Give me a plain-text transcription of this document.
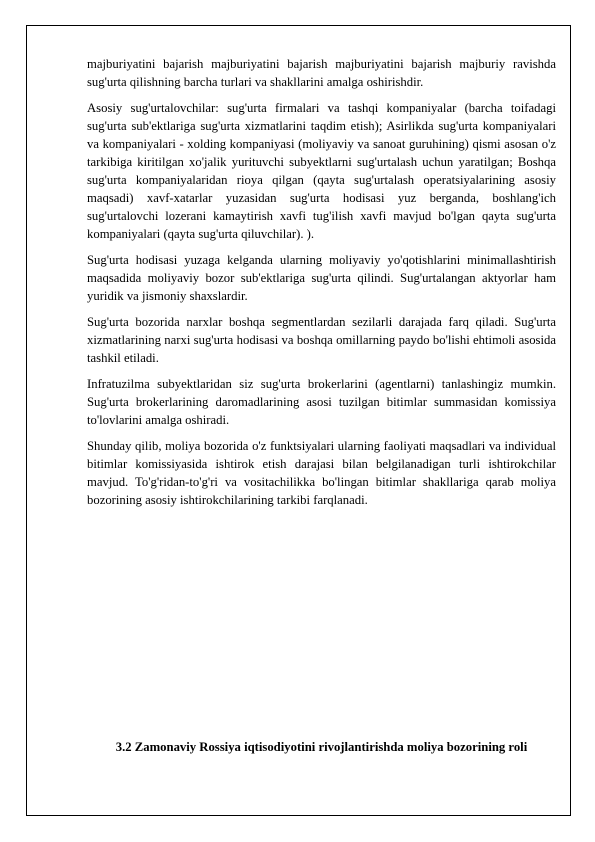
majburiyatini bajarish majburiyatini bajarish majburiyatini bajarish majburiy ravishda sug'urta qilishning barcha turlari va shakllarini amalga oshirishdir.

Asosiy sug'urtalovchilar: sug'urta firmalari va tashqi kompaniyalar (barcha toifadagi sug'urta sub'ektlariga sug'urta xizmatlarini taqdim etish); Asirlikda sug'urta kompaniyalari va kompaniyalari - xolding kompaniyasi (moliyaviy va sanoat guruhining) qismi asosan o'z tarkibiga kiritilgan xo'jalik yurituvchi subyektlarni sug'urtalash uchun yaratilgan; Boshqa sug'urta kompaniyalaridan rioya qilgan (qayta sug'urtalash operatsiyalarining asosiy maqsadi) xavf-xatarlar yuzasidan sug'urta hodisasi yuz berganda, boshlang'ich sug'urtalovchi lozerani kamaytirish xavfi tug'ilish xavfi mavjud bo'lgan qayta sug'urta kompaniyalari (qayta sug'urta qiluvchilar). ).

Sug'urta hodisasi yuzaga kelganda ularning moliyaviy yo'qotishlarini minimallashtirish maqsadida moliyaviy bozor sub'ektlariga sug'urta qilindi. Sug'urtalangan aktyorlar ham yuridik va jismoniy shaxslardir.

Sug'urta bozorida narxlar boshqa segmentlardan sezilarli darajada farq qiladi. Sug'urta xizmatlarining narxi sug'urta hodisasi va boshqa omillarning paydo bo'lishi ehtimoli asosida tashkil etiladi.

Infratuzilma subyektlaridan siz sug'urta brokerlarini (agentlarni) tanlashingiz mumkin. Sug'urta brokerlarining daromadlarining asosi tuzilgan bitimlar summasidan komissiya to'lovlarini amalga oshiradi.

Shunday qilib, moliya bozorida o'z funktsiyalari ularning faoliyati maqsadlari va individual bitimlar komissiyasida ishtirok etish darajasi bilan belgilanadigan turli ishtirokchilar mavjud. To'g'ridan-to'g'ri va vositachilikka bo'lingan bitimlar shakllariga qarab moliya bozorining asosiy ishtirokchilarining tarkibi farqlanadi.

3.2 Zamonaviy Rossiya iqtisodiyotini rivojlantirishda moliya bozorining roli
